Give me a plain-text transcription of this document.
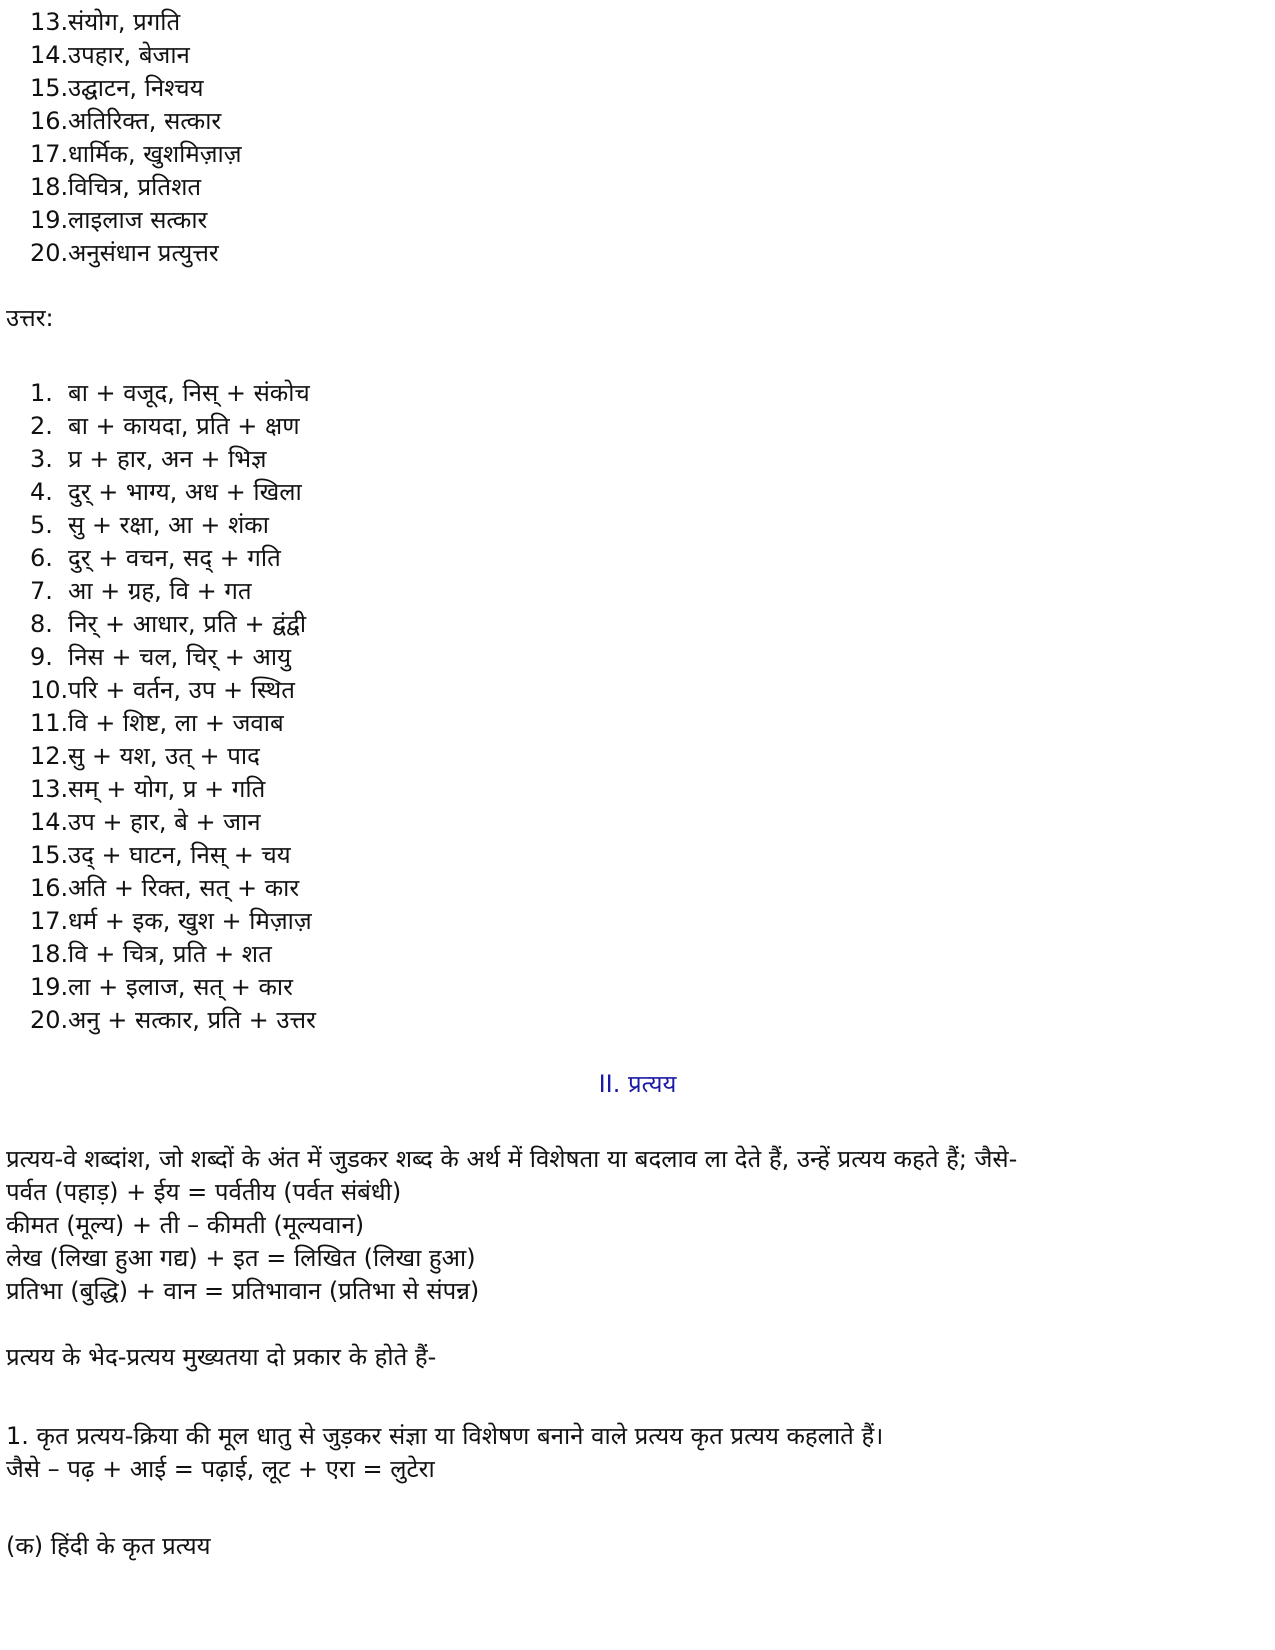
13. संयोग, प्रगति
14. उपहार, बेजान
15. उद्घाटन, निश्चय
16. अतिरिक्त, सत्कार
17. धार्मिक, खुशमिज़ाज़
18. विचित्र, प्रतिशत
19. लाइलाज सत्कार
20. अनुसंधान प्रत्युत्तर

उत्तर:

1. बा + वजूद, निस् + संकोच
2. बा + कायदा, प्रति + क्षण
3. प्र + हार, अन + भिज्ञ
4. दुर् + भाग्य, अध + खिला
5. सु + रक्षा, आ + शंका
6. दुर् + वचन, सद् + गति
7. आ + ग्रह, वि + गत
8. निर् + आधार, प्रति + द्वंद्वी
9. निस + चल, चिर् + आयु
10. परि + वर्तन, उप + स्थित
11. वि + शिष्ट, ला + जवाब
12. सु + यश, उत् + पाद
13. सम् + योग, प्र + गति
14. उप + हार, बे + जान
15. उद् + घाटन, निस् + चय
16. अति + रिक्त, सत् + कार
17. धर्म + इक, खुश + मिज़ाज़
18. वि + चित्र, प्रति + शत
19. ला + इलाज, सत् + कार
20. अनु + सत्कार, प्रति + उत्तर
II. प्रत्यय

प्रत्यय-वे शब्दांश, जो शब्दों के अंत में जुडकर शब्द के अर्थ में विशेषता या बदलाव ला देते हैं, उन्हें प्रत्यय कहते हैं; जैसे-

पर्वत (पहाड़) + ईय = पर्वतीय (पर्वत संबंधी)
कीमत (मूल्य) + ती – कीमती (मूल्यवान)
लेख (लिखा हुआ गद्य) + इत = लिखित (लिखा हुआ)
प्रतिभा (बुद्धि) + वान = प्रतिभावान (प्रतिभा से संपन्न)

प्रत्यय के भेद-प्रत्यय मुख्यतया दो प्रकार के होते हैं-

1. कृत प्रत्यय-क्रिया की मूल धातु से जुड़कर संज्ञा या विशेषण बनाने वाले प्रत्यय कृत प्रत्यय कहलाते हैं।

जैसे – पढ़ + आई = पढ़ाई, लूट + एरा = लुटेरा

(क) हिंदी के कृत प्रत्यय
